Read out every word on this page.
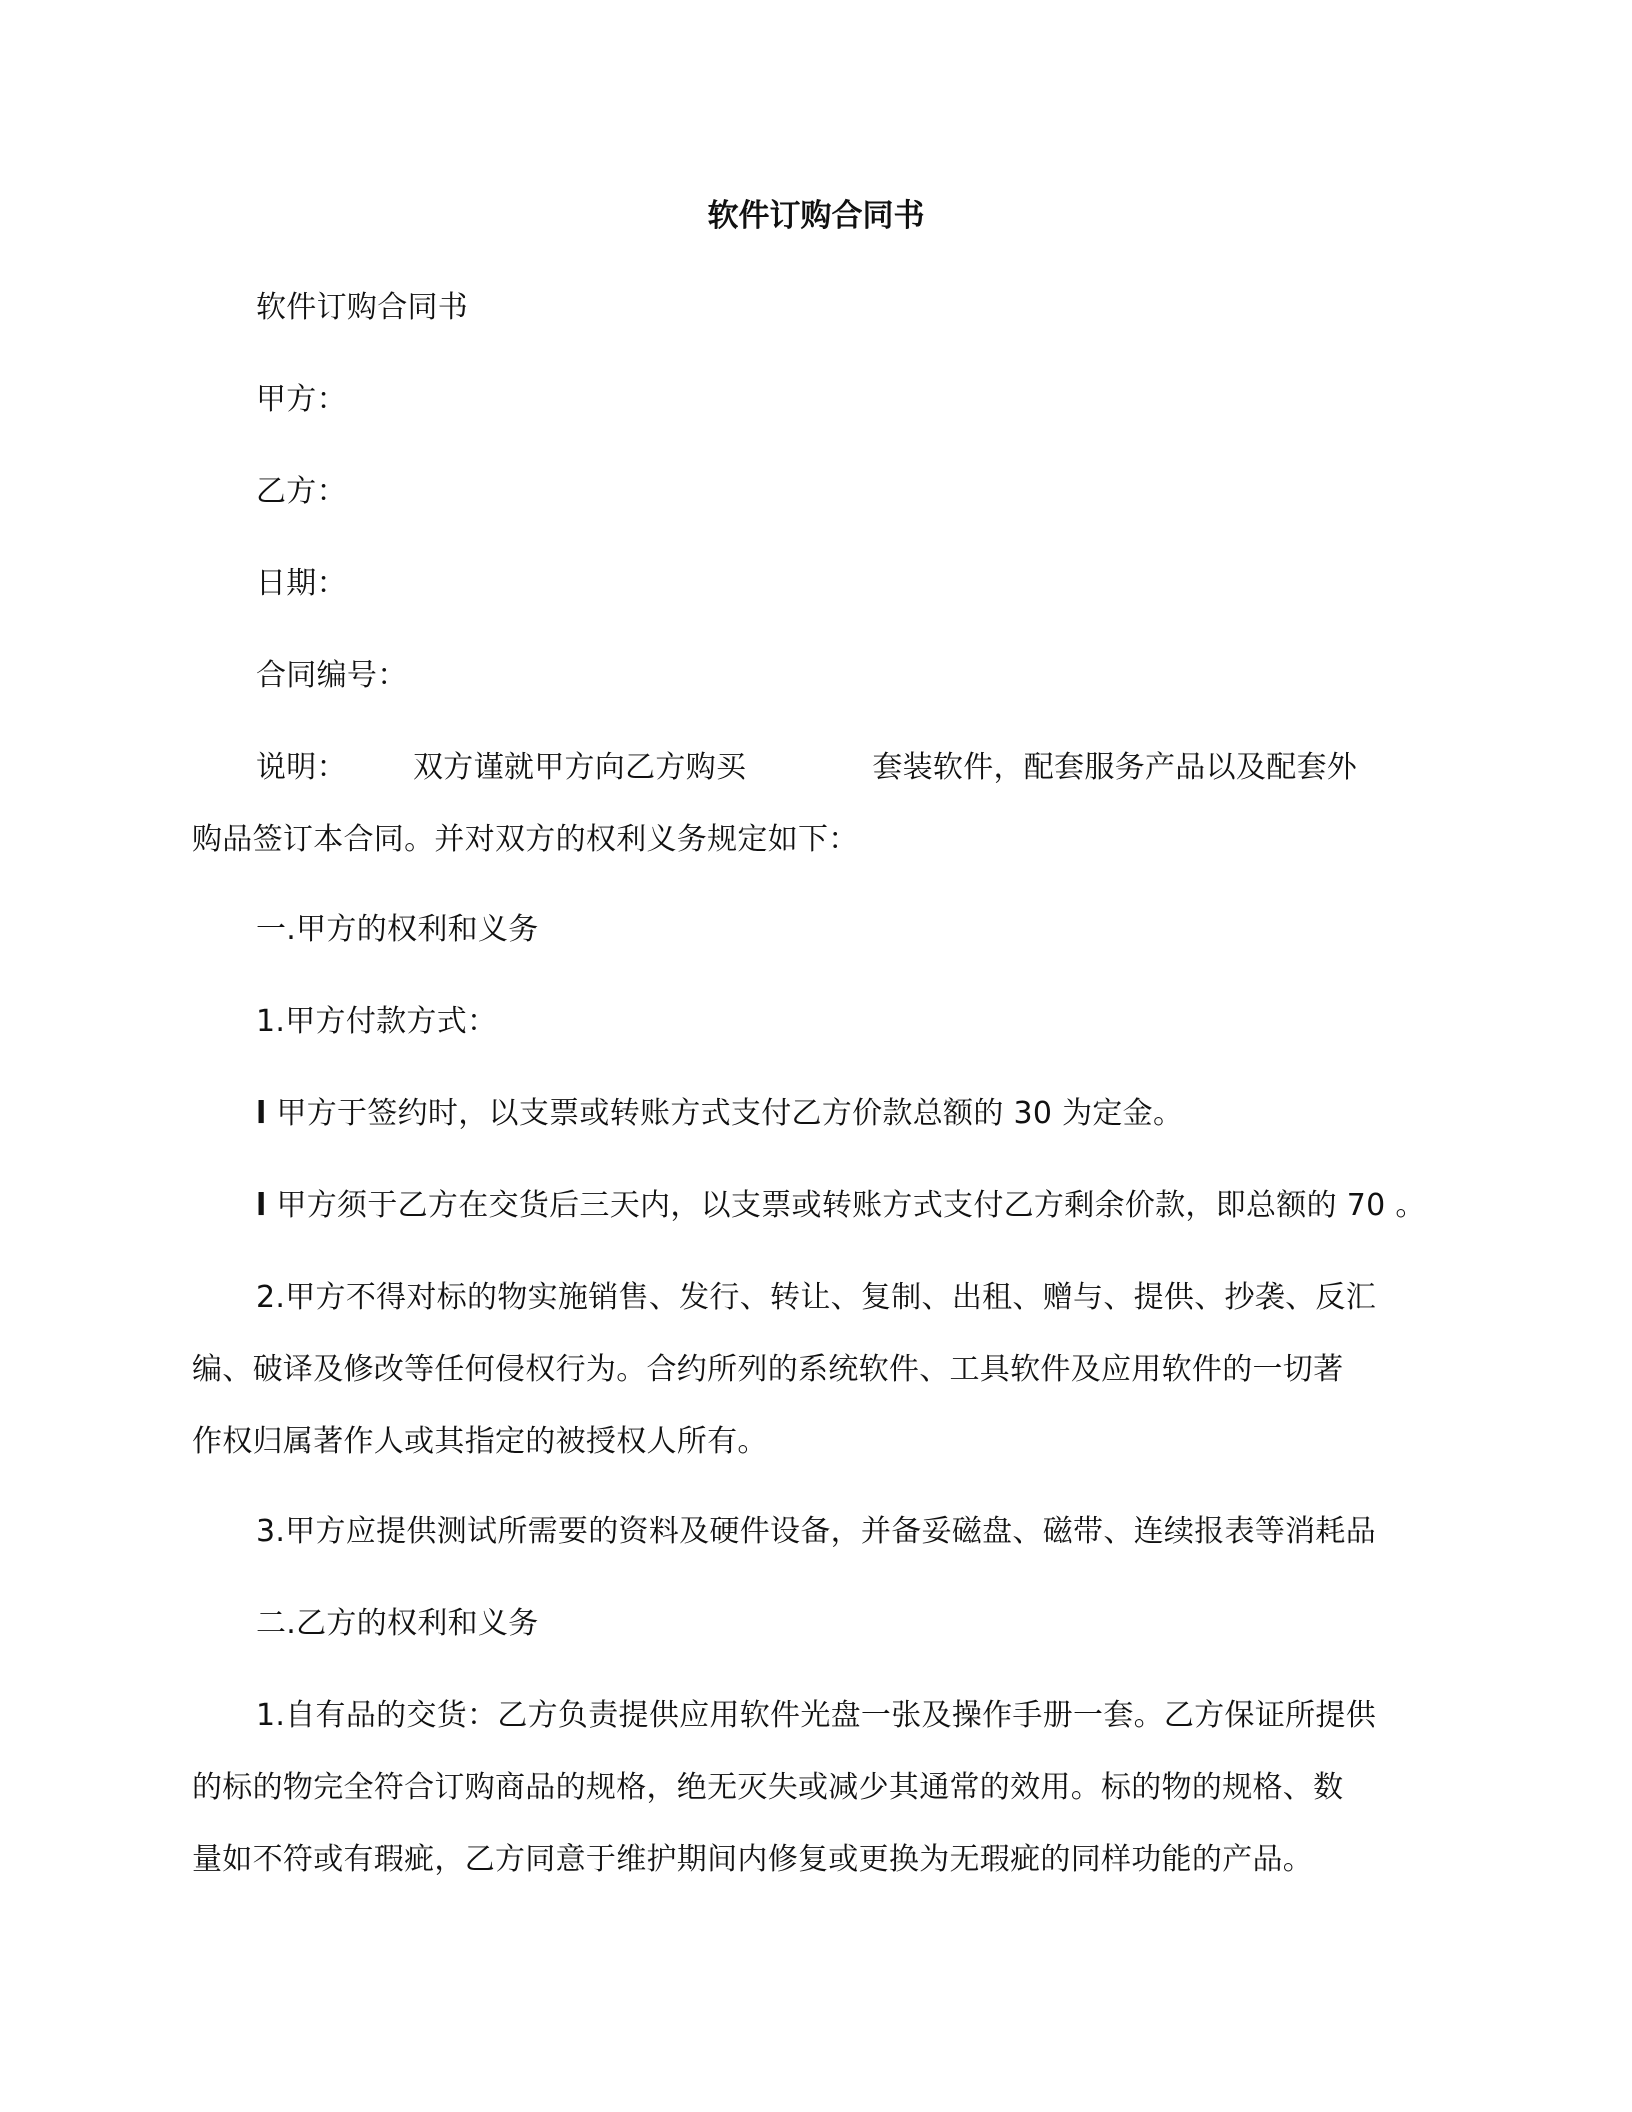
软件订购合同书
软件订购合同书
甲方：
乙方：
日期：
合同编号：
说明： 双方谨就甲方向乙方购买	套装软件，配套服务产品以及配套外
购品签订本合同。并对双方的权利义务规定如下：
一.甲方的权利和义务
1.甲方付款方式：
l 甲方于签约时，以支票或转账方式支付乙方价款总额的 30 为定金。
l 甲方须于乙方在交货后三天内，以支票或转账方式支付乙方剩余价款，即总额的 70 。
2.甲方不得对标的物实施销售、发行、转让、复制、出租、赠与、提供、抄袭、反汇
编、破译及修改等任何侵权行为。合约所列的系统软件、工具软件及应用软件的一切著
作权归属著作人或其指定的被授权人所有。
3.甲方应提供测试所需要的资料及硬件设备，并备妥磁盘、磁带、连续报表等消耗品
二.乙方的权利和义务
1.自有品的交货：乙方负责提供应用软件光盘一张及操作手册一套。乙方保证所提供
的标的物完全符合订购商品的规格，绝无灭失或减少其通常的效用。标的物的规格、数
量如不符或有瑕疵，乙方同意于维护期间内修复或更换为无瑕疵的同样功能的产品。
